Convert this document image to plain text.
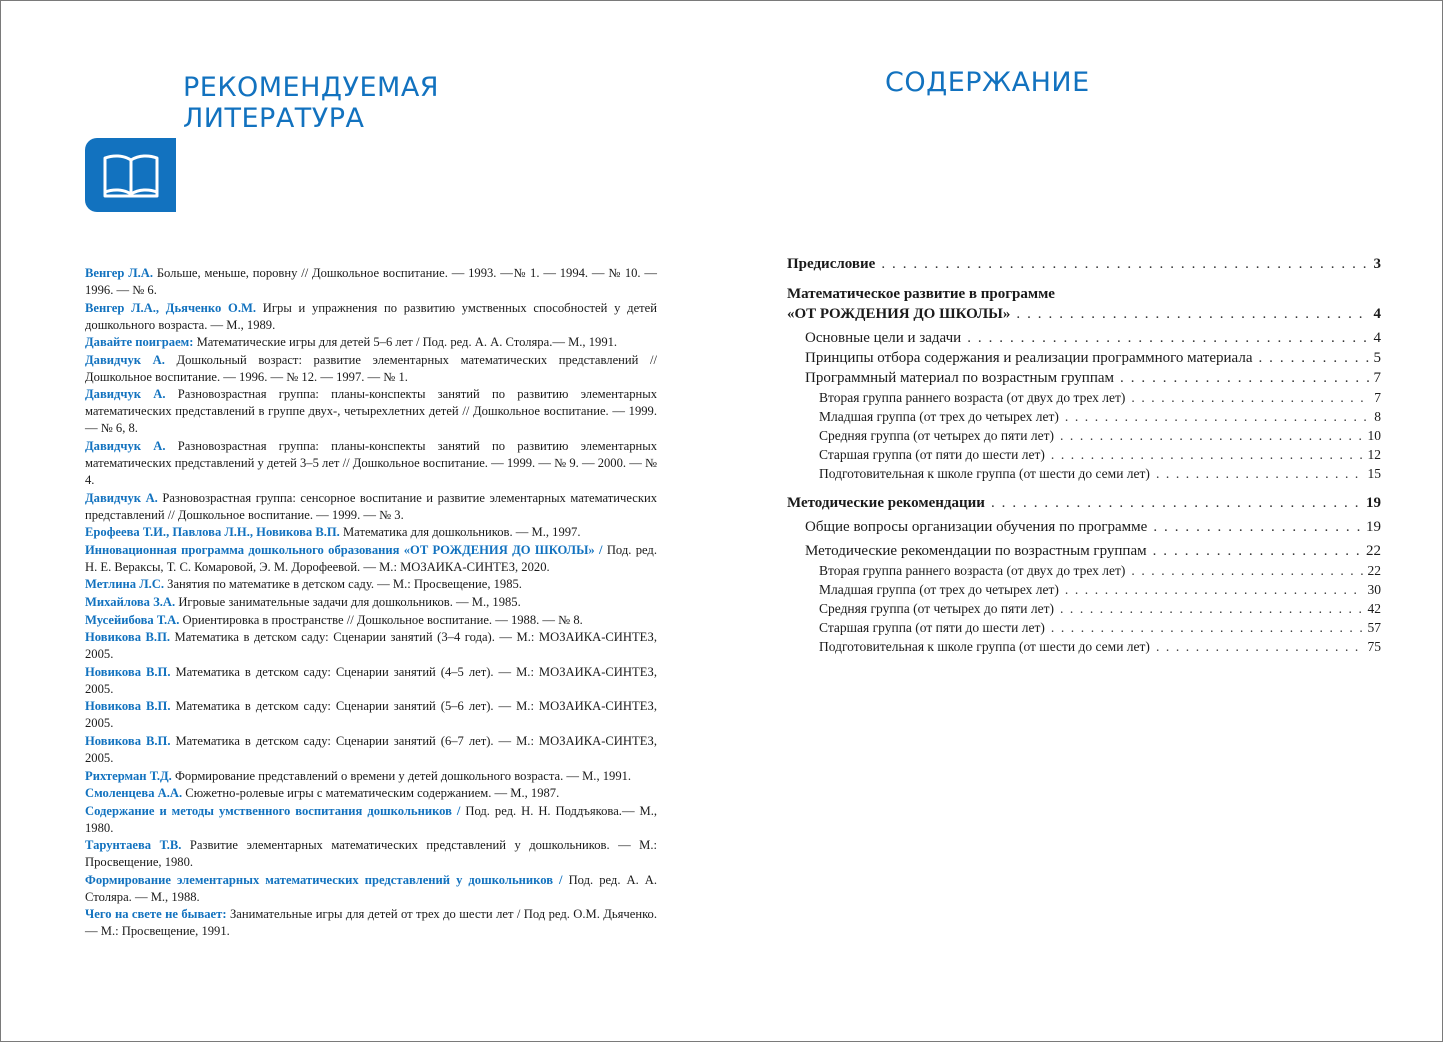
РЕКОМЕНДУЕМАЯ
ЛИТЕРАТУРА

Венгер Л.А. Больше, меньше, поровну // Дошкольное воспитание. — 1993. —№ 1. — 1994. — № 10. — 1996. — № 6.

Венгер Л.А., Дьяченко О.М. Игры и упражнения по развитию умственных способностей у детей дошкольного возраста. — М., 1989.

Давайте поиграем: Математические игры для детей 5–6 лет / Под. ред. А. А. Столяра.— М., 1991.

Давидчук А. Дошкольный возраст: развитие элементарных математических представлений // Дошкольное воспитание. — 1996. — № 12. — 1997. — № 1.

Давидчук А. Разновозрастная группа: планы-конспекты занятий по развитию элементарных математических представлений в группе двух-, четырехлетних детей // Дошкольное воспитание. — 1999. — № 6, 8.

Давидчук А. Разновозрастная группа: планы-конспекты занятий по развитию элементарных математических представлений у детей 3–5 лет // Дошкольное воспитание. — 1999. — № 9. — 2000. — № 4.

Давидчук А. Разновозрастная группа: сенсорное воспитание и развитие элементарных математических представлений // Дошкольное воспитание. — 1999. — № 3.

Ерофеева Т.И., Павлова Л.Н., Новикова В.П. Математика для дошкольников. — М., 1997.

Инновационная программа дошкольного образования «ОТ РОЖДЕНИЯ ДО ШКОЛЫ» / Под. ред. Н. Е. Веракcы, Т. С. Комаровой, Э. М. Дорофеевой. — М.: МОЗАИКА-СИНТЕЗ, 2020.

Метлина Л.С. Занятия по математике в детском саду. — М.: Просвещение, 1985.

Михайлова З.А. Игровые занимательные задачи для дошкольников. — М., 1985.

Мусейибова Т.А. Ориентировка в пространстве // Дошкольное воспитание. — 1988. — № 8.

Новикова В.П. Математика в детском саду: Сценарии занятий (3–4 года). — М.: МОЗАИКА-СИНТЕЗ, 2005.

Новикова В.П. Математика в детском саду: Сценарии занятий (4–5 лет). — М.: МОЗАИКА-СИНТЕЗ, 2005.

Новикова В.П. Математика в детском саду: Сценарии занятий (5–6 лет). — М.: МОЗАИКА-СИНТЕЗ, 2005.

Новикова В.П. Математика в детском саду: Сценарии занятий (6–7 лет). — М.: МОЗАИКА-СИНТЕЗ, 2005.

Рихтерман Т.Д. Формирование представлений о времени у детей дошкольного возраста. — М., 1991.

Смоленцева А.А. Сюжетно-ролевые игры с математическим содержанием. — М., 1987.

Содержание и методы умственного воспитания дошкольников / Под. ред. Н. Н. Поддъякова.— М., 1980.

Тарунтаева Т.В. Развитие элементарных математических представлений у дошкольников. — М.: Просвещение, 1980.

Формирование элементарных математических представлений у дошкольников / Под. ред. А. А. Столяра. — М., 1988.

Чего на свете не бывает: Занимательные игры для детей от трех до шести лет / Под ред. О.М. Дьяченко. — М.: Просвещение, 1991.

СОДЕРЖАНИЕ
Предисловие . . .	3
Математическое развитие в программе
«ОТ РОЖДЕНИЯ ДО ШКОЛЫ» . . .	4
Основные цели и задачи . . .	4
Принципы отбора содержания и реализации программного материала . . .	5
Программный материал по возрастным группам . . .	7
Вторая группа раннего возраста (от двух до трех лет) . . .	7
Младшая группа (от трех до четырех лет) . . .	8
Средняя группа (от четырех до пяти лет) . . .	10
Старшая группа (от пяти до шести лет) . . .	12
Подготовительная к школе группа (от шести до семи лет) . . .	15
Методические рекомендации . . .	19
Общие вопросы организации обучения по программе . . .	19
Методические рекомендации по возрастным группам . . .	22
Вторая группа раннего возраста (от двух до трех лет) . . .	22
Младшая группа (от трех до четырех лет) . . .	30
Средняя группа (от четырех до пяти лет) . . .	42
Старшая группа (от пяти до шести лет) . . .	57
Подготовительная к школе группа (от шести до семи лет) . . .	75
